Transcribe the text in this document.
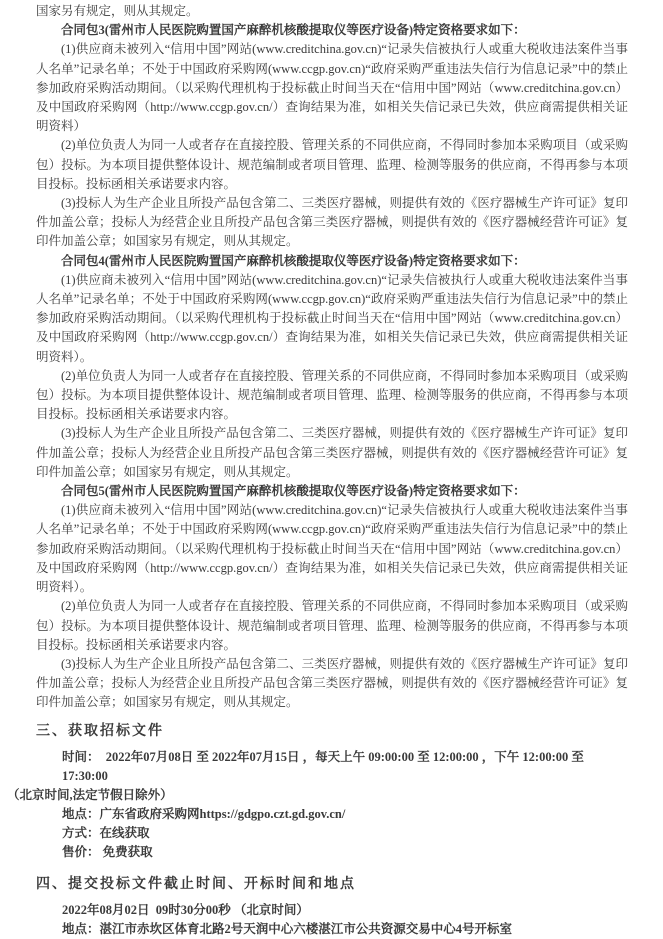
国家另有规定，则从其规定。

合同包3(雷州市人民医院购置国产麻醉机核酸提取仪等医疗设备)特定资格要求如下：

(1)供应商未被列入“信用中国”网站(www.creditchina.gov.cn)“记录失信被执行人或重大税收违法案件当事人名单”记录名单；不处于中国政府采购网(www.ccgp.gov.cn)“政府采购严重违法失信行为信息记录”中的禁止参加政府采购活动期间。（以采购代理机构于投标截止时间当天在“信用中国”网站（www.creditchina.gov.cn）及中国政府采购网（http://www.ccgp.gov.cn/）查询结果为准，如相关失信记录已失效，供应商需提供相关证明资料）

(2)单位负责人为同一人或者存在直接控股、管理关系的不同供应商，不得同时参加本采购项目（或采购包）投标。为本项目提供整体设计、规范编制或者项目管理、监理、检测等服务的供应商，不得再参与本项目投标。投标函相关承诺要求内容。

(3)投标人为生产企业且所投产品包含第二、三类医疗器械，则提供有效的《医疗器械生产许可证》复印件加盖公章；投标人为经营企业且所投产品包含第三类医疗器械，则提供有效的《医疗器械经营许可证》复印件加盖公章；如国家另有规定，则从其规定。

合同包4(雷州市人民医院购置国产麻醉机核酸提取仪等医疗设备)特定资格要求如下：

(1)供应商未被列入“信用中国”网站(www.creditchina.gov.cn)“记录失信被执行人或重大税收违法案件当事人名单”记录名单；不处于中国政府采购网(www.ccgp.gov.cn)“政府采购严重违法失信行为信息记录”中的禁止参加政府采购活动期间。（以采购代理机构于投标截止时间当天在“信用中国”网站（www.creditchina.gov.cn）及中国政府采购网（http://www.ccgp.gov.cn/）查询结果为准，如相关失信记录已失效，供应商需提供相关证明资料）。

(2)单位负责人为同一人或者存在直接控股、管理关系的不同供应商，不得同时参加本采购项目（或采购包）投标。为本项目提供整体设计、规范编制或者项目管理、监理、检测等服务的供应商，不得再参与本项目投标。投标函相关承诺要求内容。

(3)投标人为生产企业且所投产品包含第二、三类医疗器械，则提供有效的《医疗器械生产许可证》复印件加盖公章；投标人为经营企业且所投产品包含第三类医疗器械，则提供有效的《医疗器械经营许可证》复印件加盖公章；如国家另有规定，则从其规定。

合同包5(雷州市人民医院购置国产麻醉机核酸提取仪等医疗设备)特定资格要求如下：

(1)供应商未被列入“信用中国”网站(www.creditchina.gov.cn)“记录失信被执行人或重大税收违法案件当事人名单”记录名单；不处于中国政府采购网(www.ccgp.gov.cn)“政府采购严重违法失信行为信息记录”中的禁止参加政府采购活动期间。（以采购代理机构于投标截止时间当天在“信用中国”网站（www.creditchina.gov.cn）及中国政府采购网（http://www.ccgp.gov.cn/）查询结果为准，如相关失信记录已失效，供应商需提供相关证明资料）。

(2)单位负责人为同一人或者存在直接控股、管理关系的不同供应商，不得同时参加本采购项目（或采购包）投标。为本项目提供整体设计、规范编制或者项目管理、监理、检测等服务的供应商，不得再参与本项目投标。投标函相关承诺要求内容。

(3)投标人为生产企业且所投产品包含第二、三类医疗器械，则提供有效的《医疗器械生产许可证》复印件加盖公章；投标人为经营企业且所投产品包含第三类医疗器械，则提供有效的《医疗器械经营许可证》复印件加盖公章；如国家另有规定，则从其规定。

三、获取招标文件

时间：  2022年07月08日 至 2022年07月15日 ，每天上午 09:00:00 至 12:00:00 ，下午 12:00:00 至 17:30:00

（北京时间,法定节假日除外）

地点：广东省政府采购网https://gdgpo.czt.gd.gov.cn/

方式：在线获取

售价： 免费获取

四、提交投标文件截止时间、开标时间和地点

2022年08月02日  09时30分00秒 （北京时间）

地点：湛江市赤坎区体育北路2号天润中心六楼湛江市公共资源交易中心4号开标室
